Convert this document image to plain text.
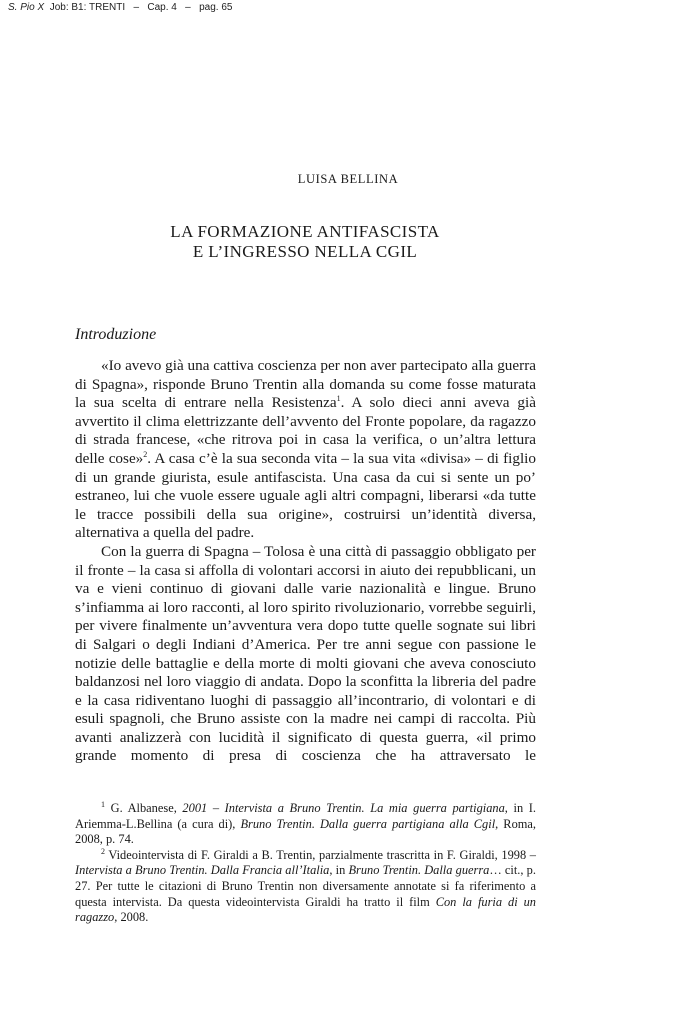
S. Pio X Job: B1: TRENTI – Cap. 4 – pag. 65
LUISA BELLINA
LA FORMAZIONE ANTIFASCISTA
E L’INGRESSO NELLA CGIL
Introduzione

«Io avevo già una cattiva coscienza per non aver partecipato alla guerra di Spagna», risponde Bruno Trentin alla domanda su come fosse maturata la sua scelta di entrare nella Resistenza$^1$. A solo dieci anni aveva già avvertito il clima elettrizzante dell’avvento del Fronte popolare, da ragazzo di strada francese, «che ritrova poi in casa la verifica, o un’altra lettura delle cose»$^2$. A casa c’è la sua seconda vita – la sua vita «divisa» – di figlio di un grande giurista, esule antifascista. Una casa da cui si sente un po’ estraneo, lui che vuole essere uguale agli altri compagni, liberarsi «da tutte le tracce possibili della sua origine», costruirsi un’identità diversa, alternativa a quella del padre.

Con la guerra di Spagna – Tolosa è una città di passaggio obbligato per il fronte – la casa si affolla di volontari accorsi in aiuto dei repubblicani, un va e vieni continuo di giovani dalle varie nazionalità e lingue. Bruno s’infiamma ai loro racconti, al loro spirito rivoluzionario, vorrebbe seguirli, per vivere finalmente un’avventura vera dopo tutte quelle sognate sui libri di Salgari o degli Indiani d’America. Per tre anni segue con passione le notizie delle battaglie e della morte di molti giovani che aveva conosciuto baldanzosi nel loro viaggio di andata. Dopo la sconfitta la libreria del padre e la casa ridiventano luoghi di passaggio all’incontrario, di volontari e di esuli spagnoli, che Bruno assiste con la madre nei campi di raccolta. Più avanti analizzerà con lucidità il significato di questa guerra, «il primo grande momento di presa di coscienza che ha attraversato le

$^1$ G. Albanese, 2001 – Intervista a Bruno Trentin. La mia guerra partigiana, in I. Ariemma-L.Bellina (a cura di), Bruno Trentin. Dalla guerra partigiana alla Cgil, Roma, 2008, p. 74.

$^2$ Videointervista di F. Giraldi a B. Trentin, parzialmente trascritta in F. Giraldi, 1998 – Intervista a Bruno Trentin. Dalla Francia all’Italia, in Bruno Trentin. Dalla guerra… cit., p. 27. Per tutte le citazioni di Bruno Trentin non diversamente annotate si fa riferimento a questa intervista. Da questa videointervista Giraldi ha tratto il film Con la furia di un ragazzo, 2008.
